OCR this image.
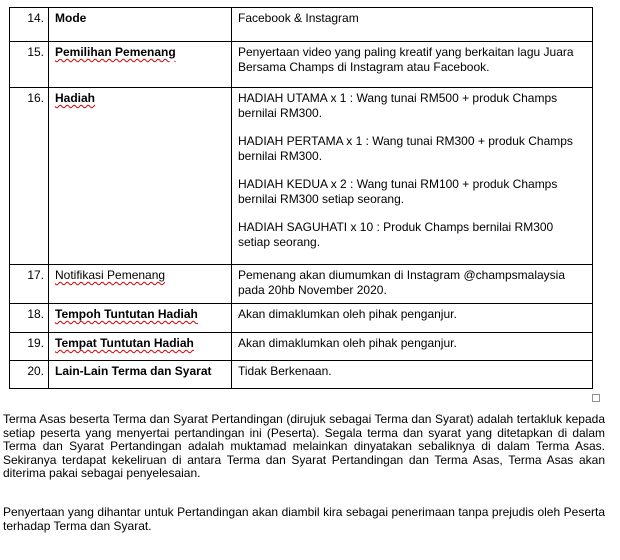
14.	Mode	Facebook & Instagram

15.	Pemilihan Pemenang	Penyertaan video yang paling kreatif yang berkaitan lagu Juara Bersama Champs di Instagram atau Facebook.

16.	Hadiah	HADIAH UTAMA x 1 : Wang tunai RM500 + produk Champs bernilai RM300.

HADIAH PERTAMA x 1 : Wang tunai RM300 + produk Champs bernilai RM300.

HADIAH KEDUA x 2 : Wang tunai RM100 + produk Champs bernilai RM300 setiap seorang.

HADIAH SAGUHATI x 10 : Produk Champs bernilai RM300 setiap seorang.

17.	Notifikasi Pemenang	Pemenang akan diumumkan di Instagram @champsmalaysia pada 20hb November 2020.

18.	Tempoh Tuntutan Hadiah	Akan dimaklumkan oleh pihak penganjur.

19.	Tempat Tuntutan Hadiah	Akan dimaklumkan oleh pihak penganjur.

20.	Lain-Lain Terma dan Syarat	Tidak Berkenaan.

Terma Asas beserta Terma dan Syarat Pertandingan (dirujuk sebagai Terma dan Syarat) adalah tertakluk kepada setiap peserta yang menyertai pertandingan ini (Peserta). Segala terma dan syarat yang ditetapkan di dalam Terma dan Syarat Pertandingan adalah muktamad melainkan dinyatakan sebaliknya di dalam Terma Asas. Sekiranya terdapat kekeliruan di antara Terma dan Syarat Pertandingan dan Terma Asas, Terma Asas akan diterima pakai sebagai penyelesaian.

Penyertaan yang dihantar untuk Pertandingan akan diambil kira sebagai penerimaan tanpa prejudis oleh Peserta terhadap Terma dan Syarat.
